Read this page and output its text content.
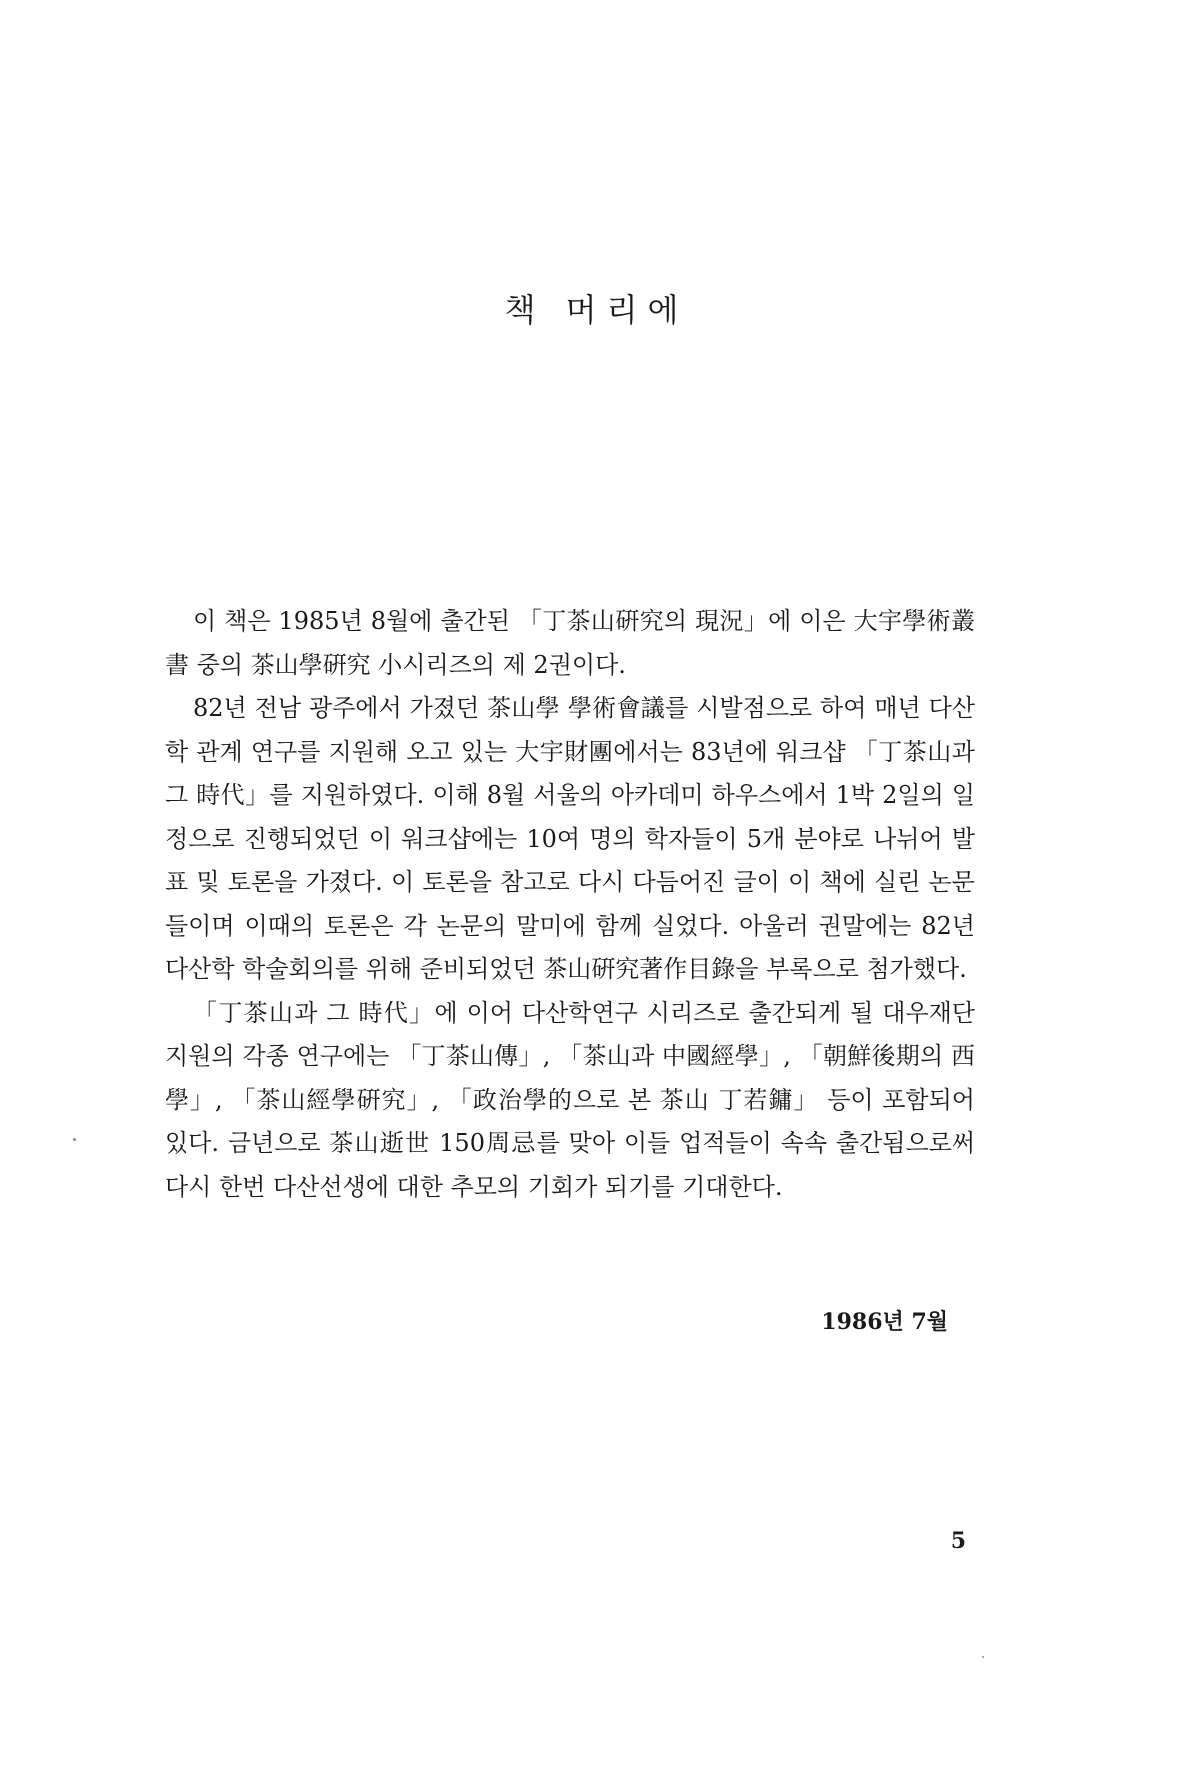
책 머리에

이 책은 1985년 8월에 출간된 「丁茶山硏究의 現況」에 이은 大宇學術叢書 중의 茶山學硏究 小시리즈의 제 2권이다.

82년 전남 광주에서 가졌던 茶山學 學術會議를 시발점으로 하여 매년 다산학 관계 연구를 지원해 오고 있는 大宇財團에서는 83년에 워크샵 「丁茶山과 그 時代」를 지원하였다. 이해 8월 서울의 아카데미 하우스에서 1박 2일의 일정으로 진행되었던 이 워크샵에는 10여 명의 학자들이 5개 분야로 나뉘어 발표 및 토론을 가졌다. 이 토론을 참고로 다시 다듬어진 글이 이 책에 실린 논문들이며 이때의 토론은 각 논문의 말미에 함께 실었다. 아울러 권말에는 82년 다산학 학술회의를 위해 준비되었던 茶山硏究著作目錄을 부록으로 첨가했다.

「丁茶山과 그 時代」에 이어 다산학연구 시리즈로 출간되게 될 대우재단 지원의 각종 연구에는 「丁茶山傳」, 「茶山과 中國經學」, 「朝鮮後期의 西學」, 「茶山經學硏究」, 「政治學的으로 본 茶山 丁若鏞」 등이 포함되어 있다. 금년으로 茶山逝世 150周忌를 맞아 이들 업적들이 속속 출간됨으로써 다시 한번 다산선생에 대한 추모의 기회가 되기를 기대한다.

1986년 7월

5
